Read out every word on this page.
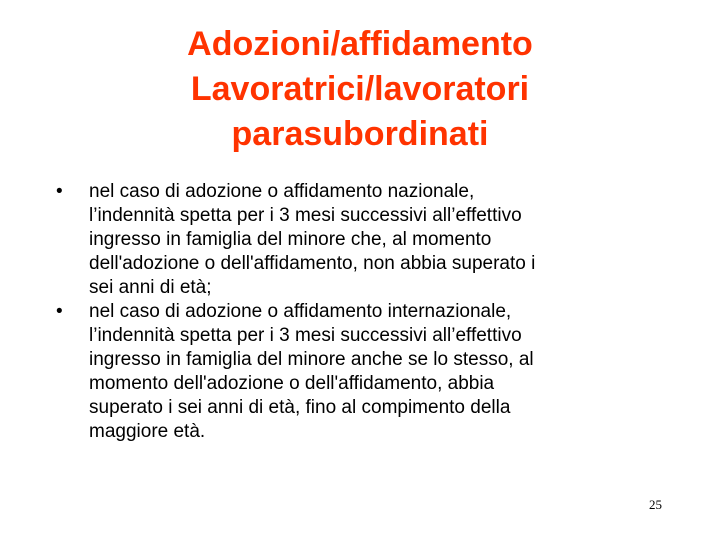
Adozioni/affidamento
Lavoratrici/lavoratori
parasubordinati

•	nel caso di adozione o affidamento nazionale,
l’indennità spetta per i 3 mesi successivi all’effettivo
ingresso in famiglia del minore che, al momento
dell'adozione o dell'affidamento, non abbia superato i
sei anni di età;

•	nel caso di adozione o affidamento internazionale,
l’indennità spetta per i 3 mesi successivi all’effettivo
ingresso in famiglia del minore anche se lo stesso, al
momento dell'adozione o dell'affidamento, abbia
superato i sei anni di età, fino al compimento della
maggiore età.

25
